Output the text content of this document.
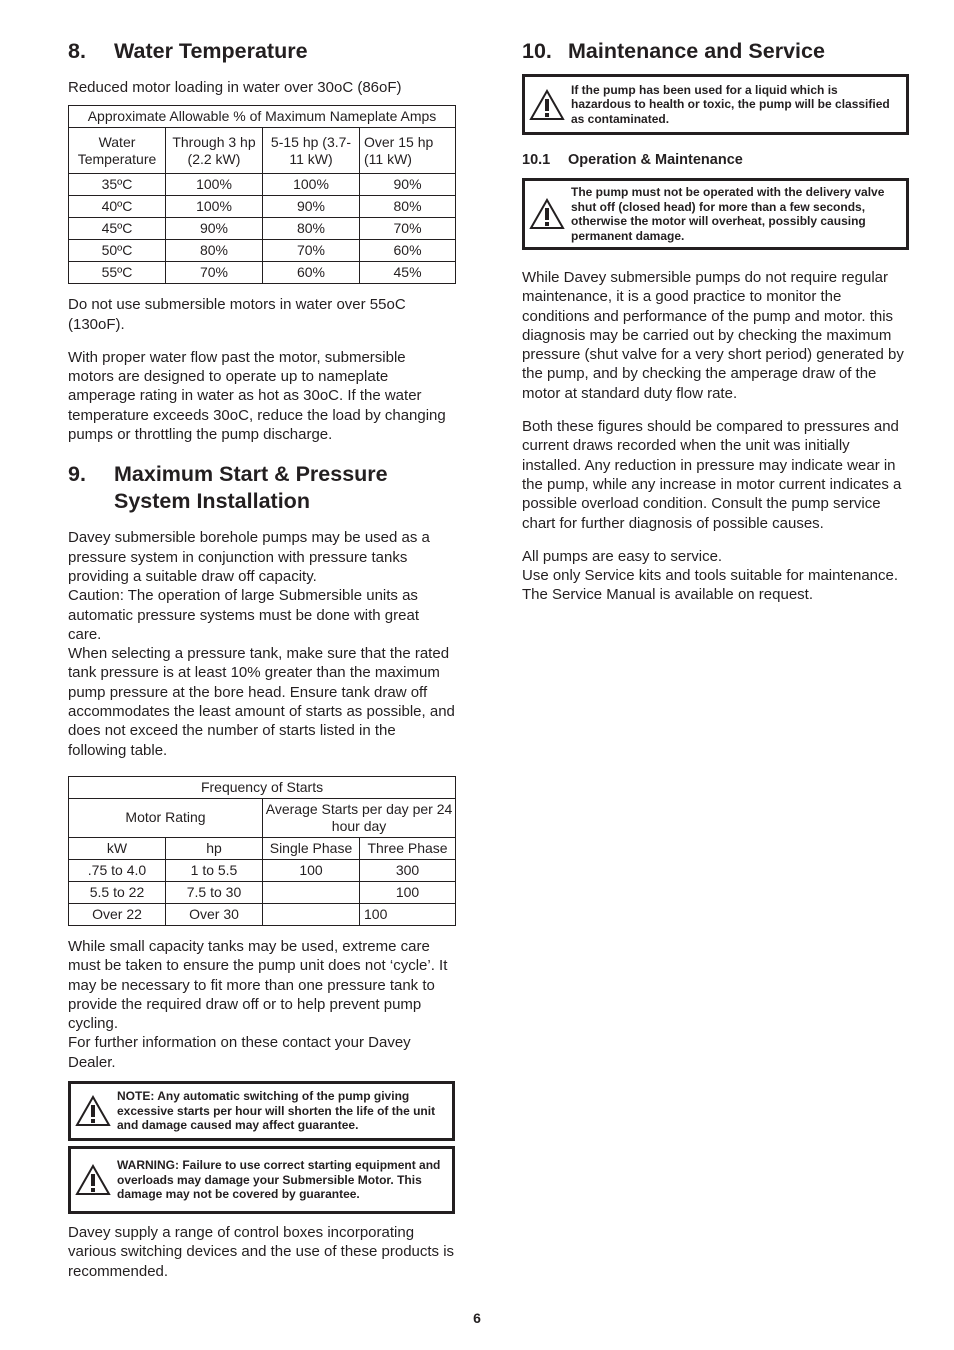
8.	Water Temperature

Reduced motor loading in water over 30oC (86oF)

Approximate Allowable % of Maximum Nameplate Amps			
Water Temperature	Through 3 hp (2.2 kW)	5-15 hp (3.7-11 kW)	Over 15 hp (11 kW)
35ºC	100%	100%	90%
40ºC	100%	90%	80%
45ºC	90%	80%	70%
50ºC	80%	70%	60%
55ºC	70%	60%	45%

Do not use submersible motors in water over 55oC (130oF).

With proper water flow past the motor, submersible motors are designed to operate up to nameplate amperage rating in water as hot as 30oC. If the water temperature exceeds 30oC, reduce the load by changing pumps or throttling the pump discharge.

9.	Maximum Start & Pressure
System Installation

Davey submersible borehole pumps may be used as a pressure system in conjunction with pressure tanks providing a suitable draw off capacity.

Caution: The operation of large Submersible units as automatic pressure systems must be done with great care.

When selecting a pressure tank, make sure that the rated tank pressure is at least 10% greater than the maximum pump pressure at the bore head. Ensure tank draw off accommodates the least amount of starts as possible, and does not exceed the number of starts listed in the following table.

Frequency of Starts			
Motor Rating		Average Starts per day per 24 hour day	
kW	hp	Single Phase	Three Phase
.75 to 4.0	1 to 5.5	100	300
5.5 to 22	7.5 to 30		100
Over 22	Over 30		100

While small capacity tanks may be used, extreme care must be taken to ensure the pump unit does not ‘cycle’. It may be necessary to fit more than one pressure tank to provide the required draw off or to help prevent pump cycling.

For further information on these contact your Davey Dealer.

NOTE: Any automatic switching of the pump giving excessive starts per hour will shorten the life of the unit and damage caused may affect guarantee.
WARNING: Failure to use correct starting equipment and overloads may damage your Submersible Motor. This damage may not be covered by guarantee.

Davey supply a range of control boxes incorporating various switching devices and the use of these products is recommended.

10. Maintenance and Service
If the pump has been used for a liquid which is hazardous to health or toxic, the pump will be classified as contaminated.
10.1	Operation & Maintenance
The pump must not be operated with the delivery valve shut off (closed head) for more than a few seconds, otherwise the motor will overheat, possibly causing permanent damage.

While Davey submersible pumps do not require regular maintenance, it is a good practice to monitor the conditions and performance of the pump and motor. this diagnosis may be carried out by checking the maximum pressure (shut valve for a very short period) generated by the pump, and by checking the amperage draw of the motor at standard duty flow rate.

Both these figures should be compared to pressures and current draws recorded when the unit was initially installed. Any reduction in pressure may indicate wear in the pump, while any increase in motor current indicates a possible overload condition. Consult the pump service chart for further diagnosis of possible causes.

All pumps are easy to service.

Use only Service kits and tools suitable for maintenance.

The Service Manual is available on request.

6
